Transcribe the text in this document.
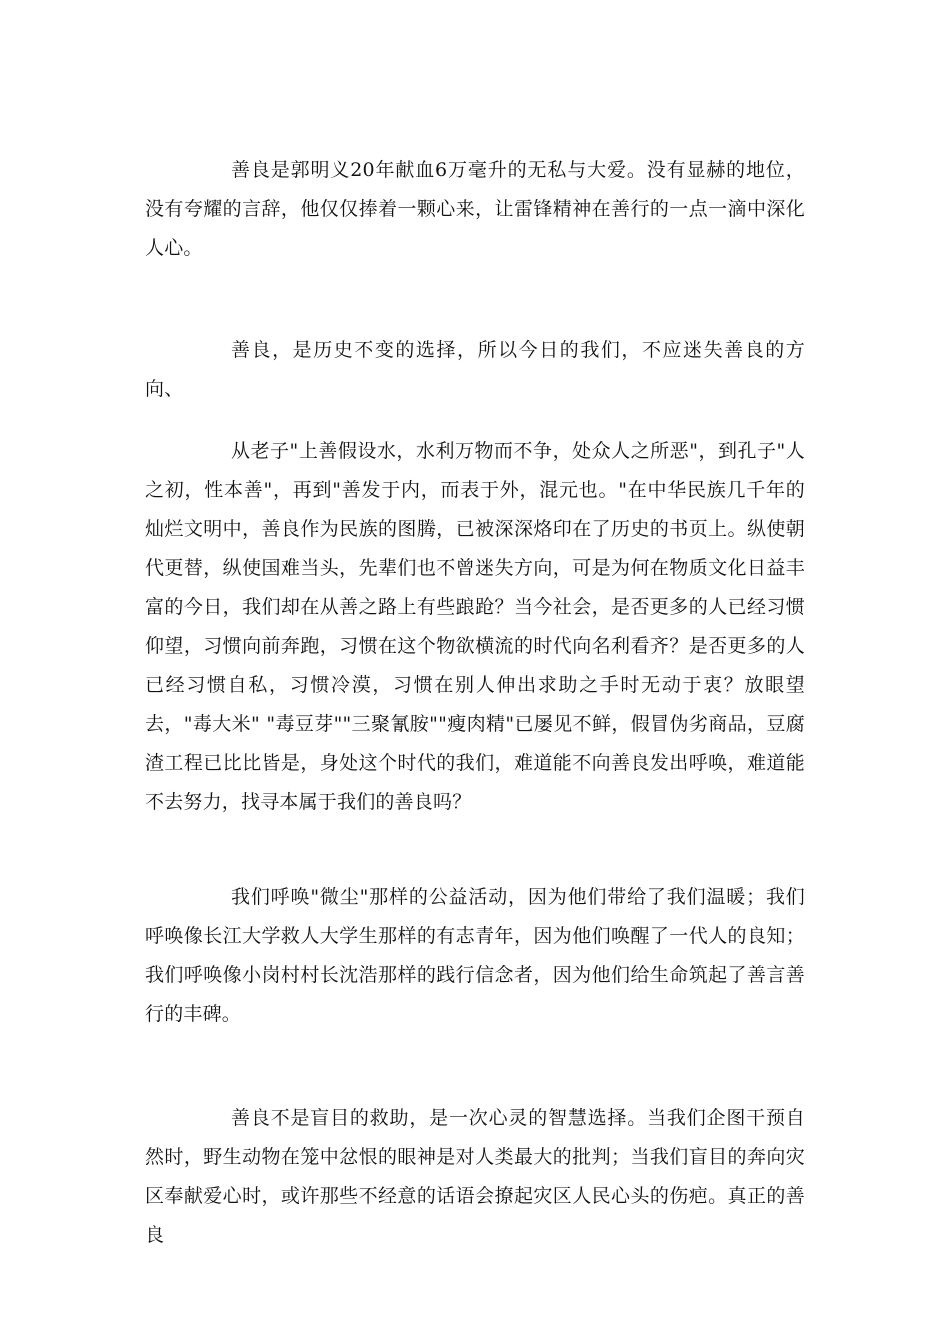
善良是郭明义20年献血6万毫升的无私与大爱。没有显赫的地位，没有夸耀的言辞，他仅仅捧着一颗心来，让雷锋精神在善行的一点一滴中深化人心。

善良，是历史不变的选择，所以今日的我们，不应迷失善良的方向、

从老子"上善假设水，水利万物而不争，处众人之所恶"，到孔子"人之初，性本善"，再到"善发于内，而表于外，混元也。"在中华民族几千年的灿烂文明中，善良作为民族的图腾，已被深深烙印在了历史的书页上。纵使朝代更替，纵使国难当头，先辈们也不曾迷失方向，可是为何在物质文化日益丰富的今日，我们却在从善之路上有些踉跄？当今社会，是否更多的人已经习惯仰望，习惯向前奔跑，习惯在这个物欲横流的时代向名利看齐？是否更多的人已经习惯自私，习惯冷漠，习惯在别人伸出求助之手时无动于衷？放眼望去，"毒大米" "毒豆芽""三聚氰胺""瘦肉精"已屡见不鲜，假冒伪劣商品，豆腐渣工程已比比皆是，身处这个时代的我们，难道能不向善良发出呼唤，难道能不去努力，找寻本属于我们的善良吗？

我们呼唤"微尘"那样的公益活动，因为他们带给了我们温暖；我们呼唤像长江大学救人大学生那样的有志青年，因为他们唤醒了一代人的良知；我们呼唤像小岗村村长沈浩那样的践行信念者，因为他们给生命筑起了善言善行的丰碑。

善良不是盲目的救助，是一次心灵的智慧选择。当我们企图干预自然时，野生动物在笼中忿恨的眼神是对人类最大的批判；当我们盲目的奔向灾区奉献爱心时，或许那些不经意的话语会撩起灾区人民心头的伤疤。真正的善良
